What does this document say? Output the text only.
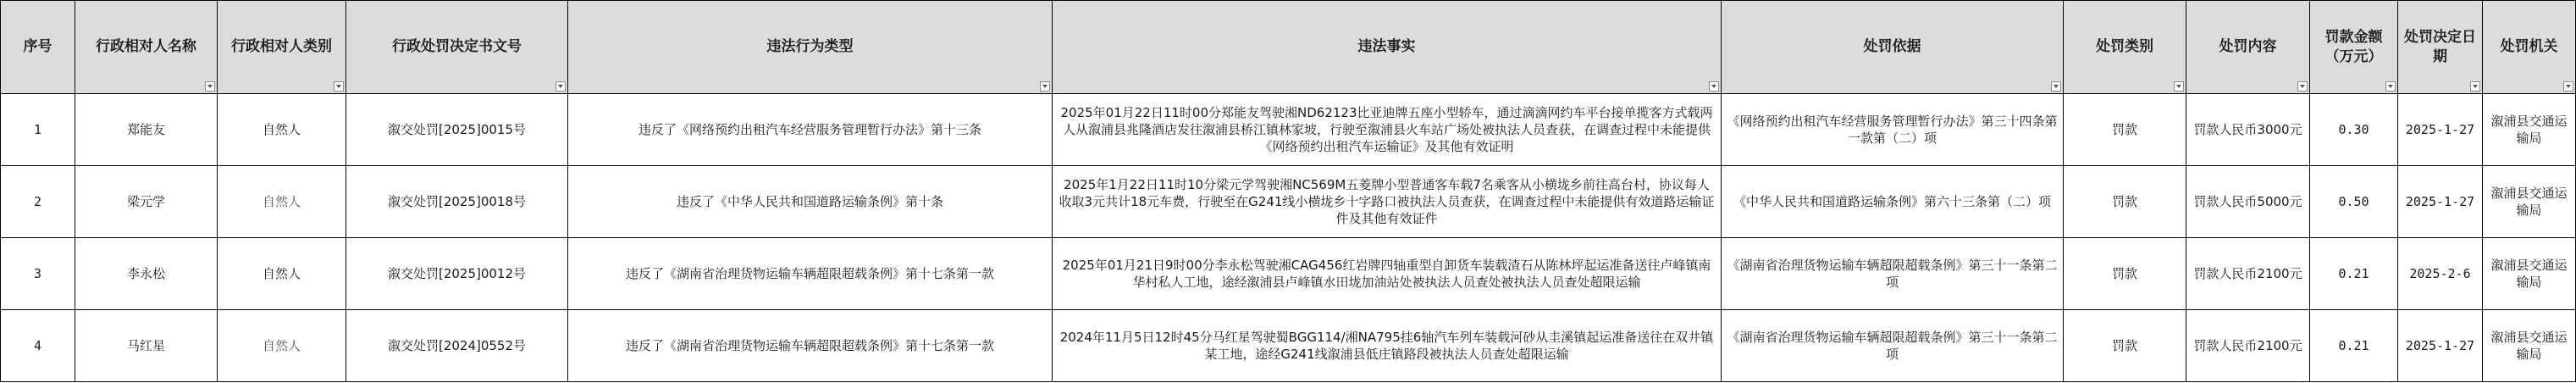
序号	行政相对人名称	行政相对人类别	行政处罚决定书文号	违法行为类型	违法事实	处罚依据	处罚类别	处罚内容	罚款金额（万元）	处罚决定日期	处罚机关

1	郑能友	自然人	溆交处罚[2025]0015号	违反了《网络预约出租汽车经营服务管理暂行办法》第十三条	2025年01月22日11时00分郑能友驾驶湘ND62123比亚迪牌五座小型轿车，通过滴滴网约车平台接单揽客方式载两人从溆浦县兆隆酒店发往溆浦县桥江镇林家坡，行驶至溆浦县火车站广场处被执法人员查获，在调查过程中未能提供《网络预约出租汽车运输证》及其他有效证明	《网络预约出租汽车经营服务管理暂行办法》第三十四条第一款第（二）项	罚款	罚款人民币3000元	0.30	2025-1-27	溆浦县交通运输局
2	梁元学	自然人	溆交处罚[2025]0018号	违反了《中华人民共和国道路运输条例》第十条	2025年1月22日11时10分梁元学驾驶湘NC569M五菱牌小型普通客车载7名乘客从小横垅乡前往高台村，协议每人收取3元共计18元车费，行驶至在G241线小横垅乡十字路口被执法人员查获，在调查过程中未能提供有效道路运输证件及其他有效证件	《中华人民共和国道路运输条例》第六十三条第（二）项	罚款	罚款人民币5000元	0.50	2025-1-27	溆浦县交通运输局
3	李永松	自然人	溆交处罚[2025]0012号	违反了《湖南省治理货物运输车辆超限超载条例》第十七条第一款	2025年01月21日9时00分李永松驾驶湘CAG456红岩牌四轴重型自卸货车装载渣石从陈林坪起运准备送往卢峰镇南华村私人工地，途经溆浦县卢峰镇水田垅加油站处被执法人员查处被执法人员查处超限运输	《湖南省治理货物运输车辆超限超载条例》第三十一条第二项	罚款	罚款人民币2100元	0.21	2025-2-6	溆浦县交通运输局
4	马红星	自然人	溆交处罚[2024]0552号	违反了《湖南省治理货物运输车辆超限超载条例》第十七条第一款	2024年11月5日12时45分马红星驾驶蜀BGG114/湘NA795挂6轴汽车列车装载河砂从圭溪镇起运准备送往在双井镇某工地，途经G241线溆浦县低庄镇路段被执法人员查处超限运输	《湖南省治理货物运输车辆超限超载条例》第三十一条第二项	罚款	罚款人民币2100元	0.21	2025-1-27	溆浦县交通运输局
